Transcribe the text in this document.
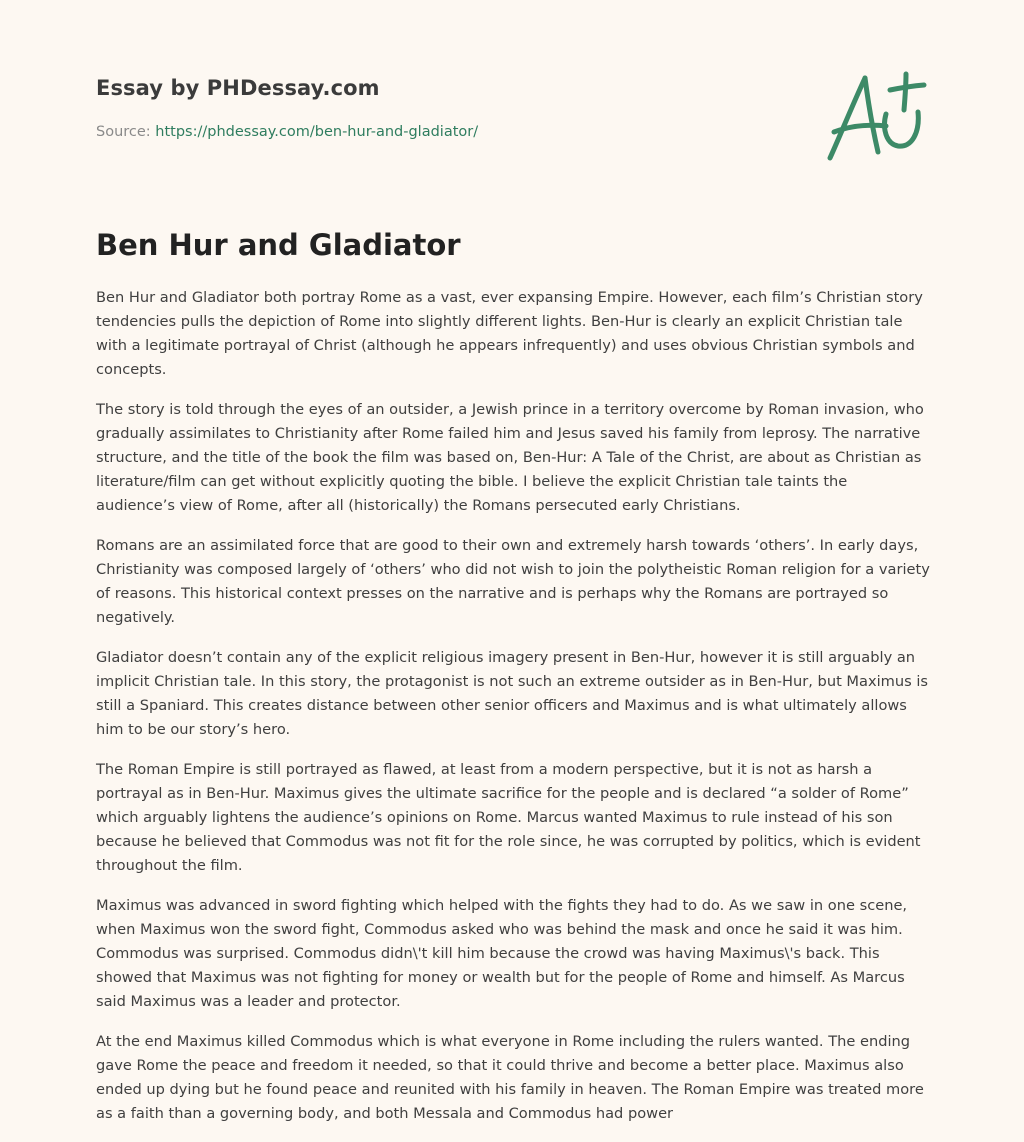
Essay by PHDessay.com

Source: https://phdessay.com/ben-hur-and-gladiator/

Ben Hur and Gladiator

Ben Hur and Gladiator both portray Rome as a vast, ever expansing Empire. However, each film’s Christian story tendencies pulls the depiction of Rome into slightly different lights. Ben-Hur is clearly an explicit Christian tale with a legitimate portrayal of Christ (although he appears infrequently) and uses obvious Christian symbols and concepts.

The story is told through the eyes of an outsider, a Jewish prince in a territory overcome by Roman invasion, who gradually assimilates to Christianity after Rome failed him and Jesus saved his family from leprosy. The narrative structure, and the title of the book the film was based on, Ben-Hur: A Tale of the Christ, are about as Christian as literature/film can get without explicitly quoting the bible. I believe the explicit Christian tale taints the audience’s view of Rome, after all (historically) the Romans persecuted early Christians.

Romans are an assimilated force that are good to their own and extremely harsh towards ‘others’. In early days, Christianity was composed largely of ‘others’ who did not wish to join the polytheistic Roman religion for a variety of reasons. This historical context presses on the narrative and is perhaps why the Romans are portrayed so negatively.

Gladiator doesn’t contain any of the explicit religious imagery present in Ben-Hur, however it is still arguably an implicit Christian tale. In this story, the protagonist is not such an extreme outsider as in Ben-Hur, but Maximus is still a Spaniard. This creates distance between other senior officers and Maximus and is what ultimately allows him to be our story’s hero.

The Roman Empire is still portrayed as flawed, at least from a modern perspective, but it is not as harsh a portrayal as in Ben-Hur. Maximus gives the ultimate sacrifice for the people and is declared “a solder of Rome” which arguably lightens the audience’s opinions on Rome. Marcus wanted Maximus to rule instead of his son because he believed that Commodus was not fit for the role since, he was corrupted by politics, which is evident throughout the film.

Maximus was advanced in sword fighting which helped with the fights they had to do. As we saw in one scene, when Maximus won the sword fight, Commodus asked who was behind the mask and once he said it was him. Commodus was surprised. Commodus didn\'t kill him because the crowd was having Maximus\'s back. This showed that Maximus was not fighting for money or wealth but for the people of Rome and himself. As Marcus said Maximus was a leader and protector.

At the end Maximus killed Commodus which is what everyone in Rome including the rulers wanted. The ending gave Rome the peace and freedom it needed, so that it could thrive and become a better place. Maximus also ended up dying but he found peace and reunited with his family in heaven. The Roman Empire was treated more as a faith than a governing body, and both Messala and Commodus had power
